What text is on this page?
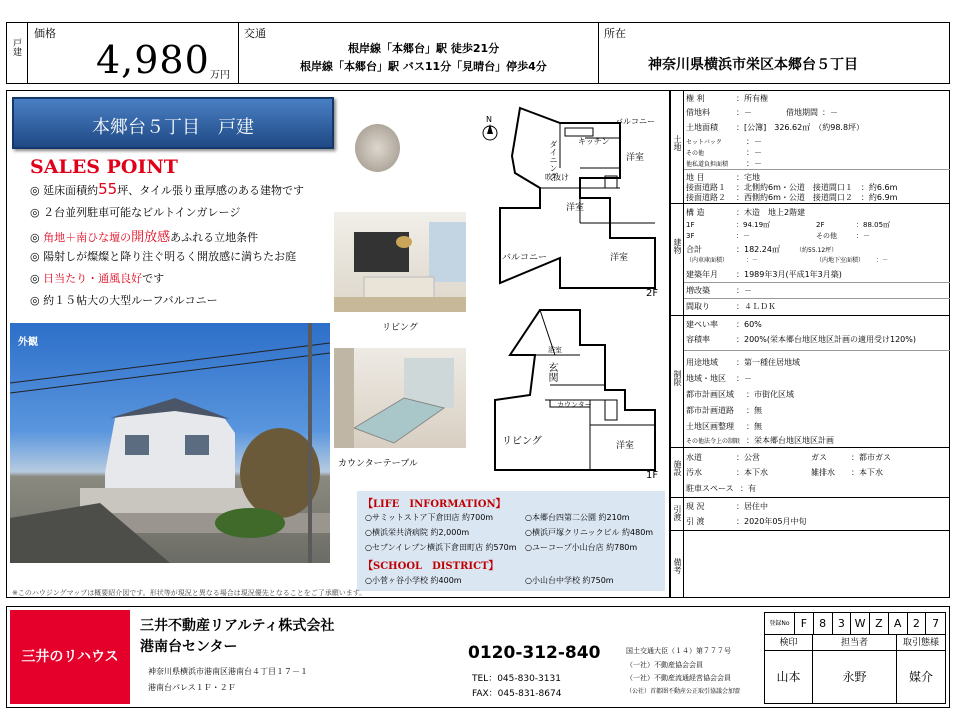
戸建
価格
4,980 万円
交通
根岸線「本郷台」駅 徒歩21分
根岸線「本郷台」駅 バス11分「見晴台」停歩4分
所在
神奈川県横浜市栄区本郷台５丁目
本郷台５丁目　戸建
SALES POINT
◎ 延床面積約55坪、タイル張り重厚感のある建物です
◎ ２台並列駐車可能なビルトインガレージ
◎ 角地＋南ひな壇の開放感あふれる立地条件
◎ 陽射しが燦燦と降り注ぐ明るく開放感に満ちたお庭
◎ 日当たり・通風良好です
◎ 約１５帖大の大型ルーフバルコニー
外観
リビング
カウンターテーブル
N	バルコニー
キッチン
ダイニング	洋室
吹抜け
洋室
洋室
バルコニー
2F
浴室
玄関
カウンター
リビング	洋室
1F
【LIFE　INFORMATION】
○サミットストア下倉田店 約700m	○本郷台四第二公園 約210m
○横浜栄共済病院 約2,000m	○横浜戸塚クリニックビル 約480m
○セブンイレブン横浜下倉田町店 約570m ○ユーコープ小山台店 約780m
【SCHOOL　DISTRICT】
○小菅ヶ谷小学校 約400m	○小山台中学校 約750m
※このハウジングマップは概要紹介図です。形状等が現況と異なる場合は現況優先となることをご了承願います。
土地
建物
制限
施設
引渡
備考
権 利	：所有権
借地料	：－	借地期間 ：－
土地面積 ：[公簿]　326.62㎡　（約98.8坪）
セットバック	：－
その他	：－
他私道負担面積 ：－
地 目	：宅地
接面道路１ ：北側約6m・公道　接道間口１　：約6.6m
接面道路２ ：西側約6m・公道　接道間口２　：約6.9m
構 造	：木造　地上2階建
1F	：94.19㎡	2F	：88.05㎡
3F	：－	その他	：－
合計	：182.24㎡	（約55.12坪）
（内車庫面積）	：－	（内地下室面積） ：－
建築年月 ：1989年3月(平成1年3月築)
増改築	：－
間取り	：４ＬＤＫ
建ぺい率 ：60%
容積率	：200%(栄本郷台地区地区計画の適用受け120%)
用途地域 ：第一種住居地域
地域・地区 ：－
都市計画区域 ：市街化区域
都市計画道路 ：無
土地区画整理 ：無
その他法令上の制限 ：栄本郷台地区地区計画
水道	：公営	ガス	：都市ガス
汚水	：本下水	雑排水 ：本下水
駐車スペース ：有
現 況	：居住中
引 渡	：2020年05月中旬
三井のリハウス
三井不動産リアルティ株式会社
港南台センター
神奈川県横浜市港南区港南台４丁目１７－１
港南台パレス１Ｆ・２Ｆ
0120-312-840
TEL：045-830-3131
FAX：045-831-8674
国土交通大臣（１４）第７７７号
（一社）不動産協会会員
（一社）不動産流通経営協会会員
（公社）首都圏不動産公正取引協議会加盟
登録No	F	8	3 W Z	A	2	7
検印	担当者	取引態様
山本	永野	媒介
